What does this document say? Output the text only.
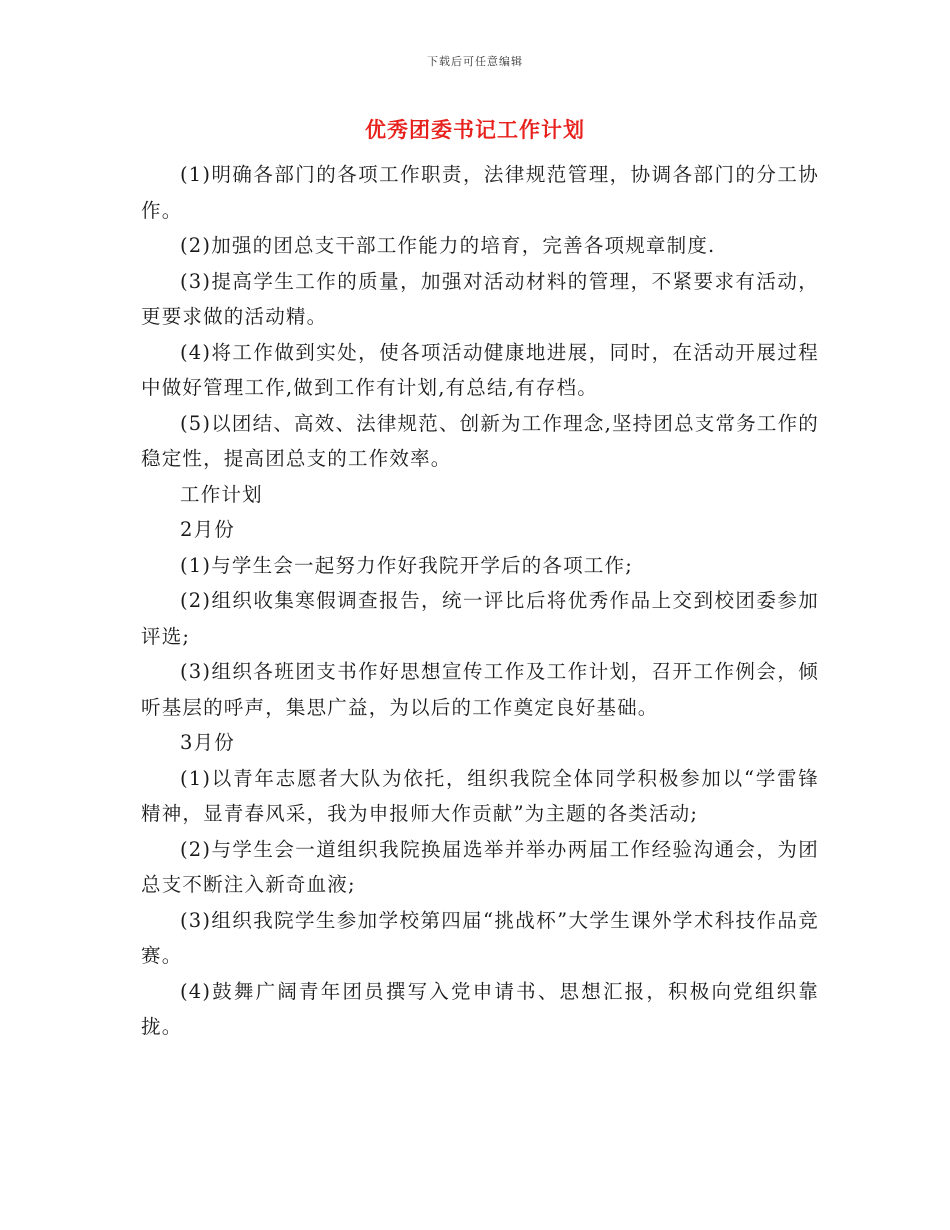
下载后可任意编辑
优秀团委书记工作计划

(1)明确各部门的各项工作职责，法律规范管理，协调各部门的分工协作。

(2)加强的团总支干部工作能力的培育，完善各项规章制度.

(3)提高学生工作的质量，加强对活动材料的管理，不紧要求有活动，更要求做的活动精。

(4)将工作做到实处，使各项活动健康地进展，同时，在活动开展过程中做好管理工作,做到工作有计划,有总结,有存档。

(5)以团结、高效、法律规范、创新为工作理念,坚持团总支常务工作的稳定性，提高团总支的工作效率。

工作计划

2月份

(1)与学生会一起努力作好我院开学后的各项工作;

(2)组织收集寒假调查报告，统一评比后将优秀作品上交到校团委参加评选;

(3)组织各班团支书作好思想宣传工作及工作计划，召开工作例会，倾听基层的呼声，集思广益，为以后的工作奠定良好基础。

3月份

(1)以青年志愿者大队为依托，组织我院全体同学积极参加以“学雷锋精神，显青春风采，我为申报师大作贡献”为主题的各类活动;

(2)与学生会一道组织我院换届选举并举办两届工作经验沟通会，为团总支不断注入新奇血液;

(3)组织我院学生参加学校第四届“挑战杯”大学生课外学术科技作品竞赛。

(4)鼓舞广阔青年团员撰写入党申请书、思想汇报，积极向党组织靠拢。
